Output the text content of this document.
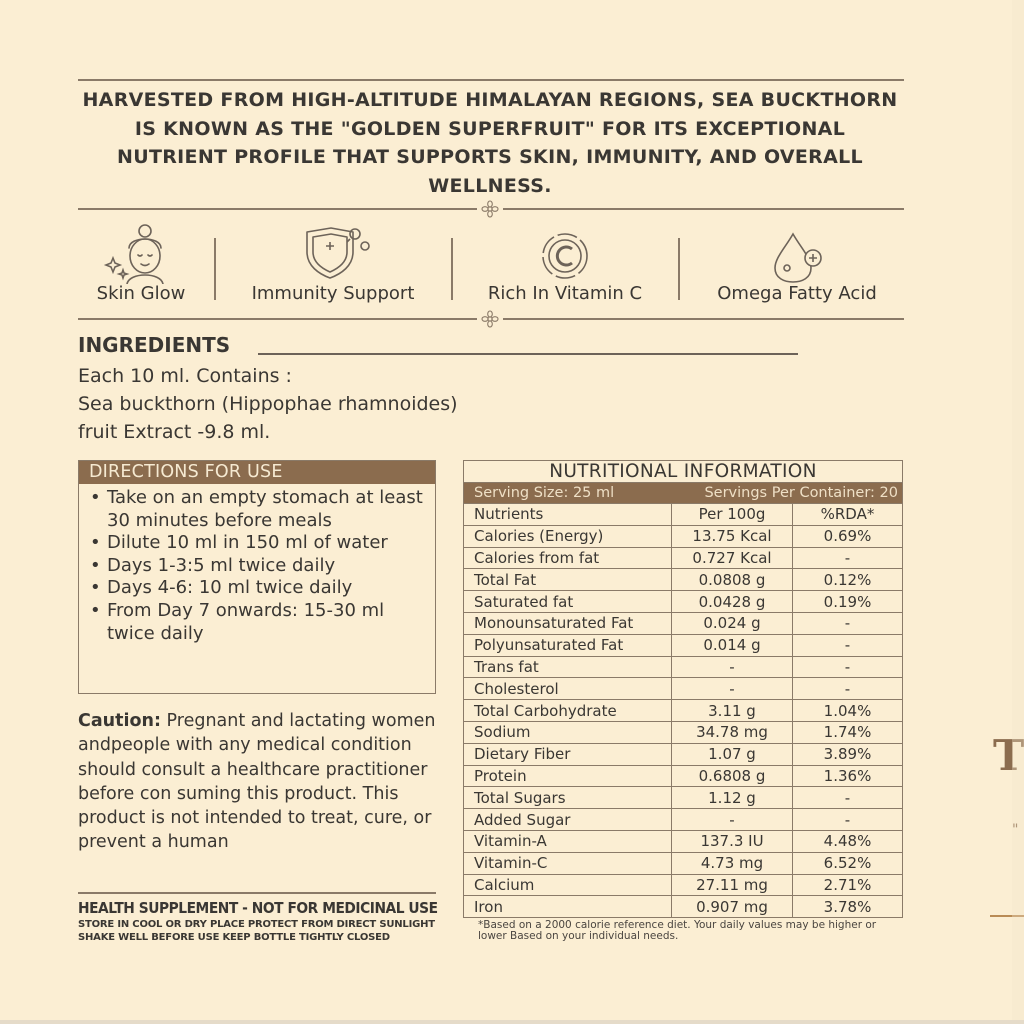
HARVESTED FROM HIGH-ALTITUDE HIMALAYAN REGIONS, SEA BUCKTHORN IS KNOWN AS THE "GOLDEN SUPERFRUIT" FOR ITS EXCEPTIONAL NUTRIENT PROFILE THAT SUPPORTS SKIN, IMMUNITY, AND OVERALL WELLNESS.
Skin Glow	Immunity Support	Rich In Vitamin C	Omega Fatty Acid
INGREDIENTS
Each 10 ml. Contains :
Sea buckthorn (Hippophae rhamnoides)
fruit Extract -9.8 ml.
DIRECTIONS FOR USE
• Take on an empty stomach at least 30 minutes before meals
• Dilute 10 ml in 150 ml of water
• Days 1-3:5 ml twice daily
• Days 4-6: 10 ml twice daily
• From Day 7 onwards: 15-30 ml twice daily
Caution: Pregnant and lactating women andpeople with any medical condition should consult a healthcare practitioner before con suming this product. This product is not intended to treat, cure, or prevent a human
HEALTH SUPPLEMENT - NOT FOR MEDICINAL USE
STORE IN COOL OR DRY PLACE PROTECT FROM DIRECT SUNLIGHT
SHAKE WELL BEFORE USE KEEP BOTTLE TIGHTLY CLOSED
NUTRITIONAL INFORMATION		

Serving Size: 25 ml Servings Per Container: 20		

Nutrients	Per 100g	%RDA*
Calories (Energy)	13.75 Kcal	0.69%
Calories from fat	0.727 Kcal	-
Total Fat	0.0808 g	0.12%
Saturated fat	0.0428 g	0.19%
Monounsaturated Fat	0.024 g	-
Polyunsaturated Fat	0.014 g	-
Trans fat	-	-
Cholesterol	-	-
Total Carbohydrate	3.11 g	1.04%
Sodium	34.78 mg	1.74%
Dietary Fiber	1.07 g	3.89%
Protein	0.6808 g	1.36%
Total Sugars	1.12 g	-
Added Sugar	-	-
Vitamin-A	137.3 IU	4.48%
Vitamin-C	4.73 mg	6.52%
Calcium	27.11 mg	2.71%
Iron	0.907 mg	3.78%
*Based on a 2000 calorie reference diet. Your daily values may be higher or lower Based on your individual needs.
T
"
